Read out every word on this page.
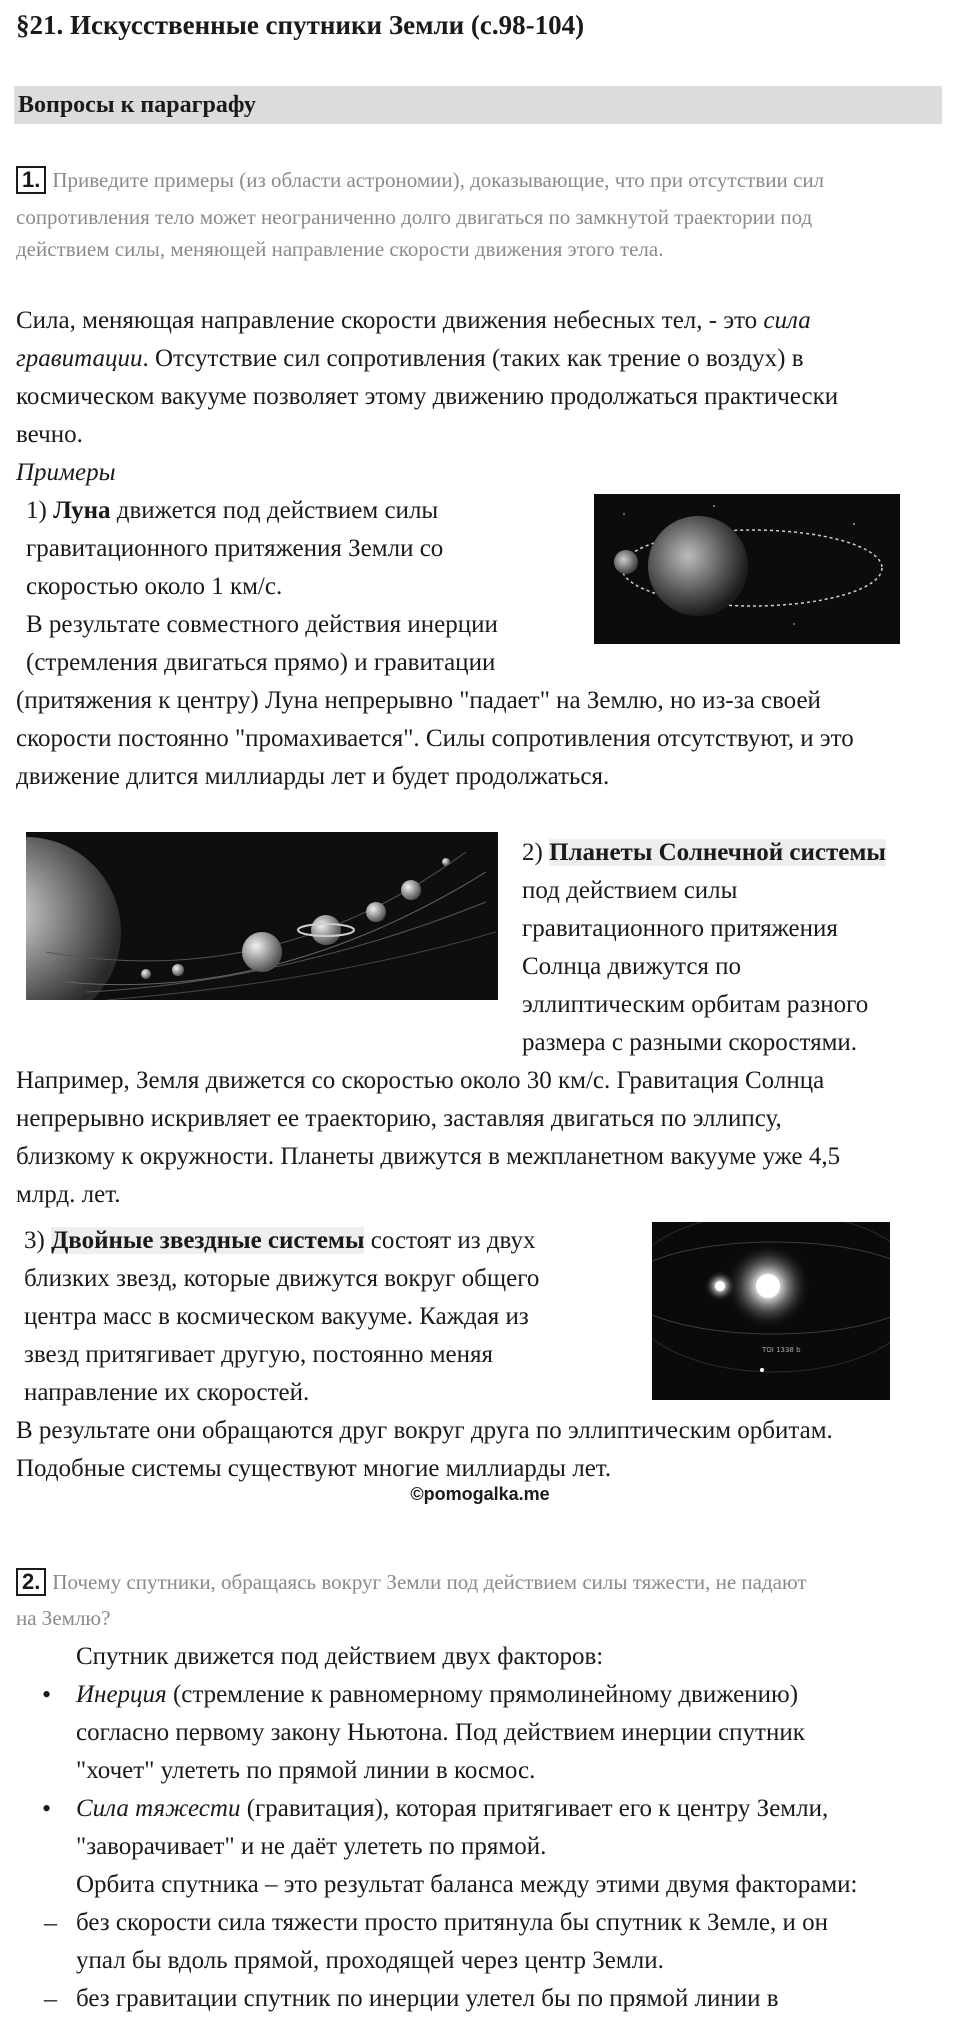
§21. Искусственные спутники Земли (с.98-104)
Вопросы к параграфу
1. Приведите примеры (из области астрономии), доказывающие, что при отсутствии сил
сопротивления тело может неограниченно долго двигаться по замкнутой траектории под
действием силы, меняющей направление скорости движения этого тела.
Сила, меняющая направление скорости движения небесных тел, - это сила
гравитации. Отсутствие сил сопротивления (таких как трение о воздух) в
космическом вакууме позволяет этому движению продолжаться практически
вечно.
Примеры
1) Луна движется под действием силы
гравитационного притяжения Земли со
скоростью около 1 км/с.
В результате совместного действия инерции
(стремления двигаться прямо) и гравитации
(притяжения к центру) Луна непрерывно "падает" на Землю, но из-за своей
скорости постоянно "промахивается". Силы сопротивления отсутствуют, и это
движение длится миллиарды лет и будет продолжаться.
2) Планеты Солнечной системы
под действием силы
гравитационного притяжения
Солнца движутся по
эллиптическим орбитам разного
размера с разными скоростями.
Например, Земля движется со скоростью около 30 км/с. Гравитация Солнца
непрерывно искривляет ее траекторию, заставляя двигаться по эллипсу,
близкому к окружности. Планеты движутся в межпланетном вакууме уже 4,5
млрд. лет.
3) Двойные звездные системы состоят из двух
близких звезд, которые движутся вокруг общего
центра масс в космическом вакууме. Каждая из
звезд притягивает другую, постоянно меняя
направление их скоростей.
В результате они обращаются друг вокруг друга по эллиптическим орбитам.
Подобные системы существуют многие миллиарды лет.
TOI 1338 b
©pomogalka.me
2. Почему спутники, обращаясь вокруг Земли под действием силы тяжести, не падают
на Землю?
Спутник движется под действием двух факторов:
• Инерция (стремление к равномерному прямолинейному движению)
согласно первому закону Ньютона. Под действием инерции спутник
"хочет" улететь по прямой линии в космос.
• Сила тяжести (гравитация), которая притягивает его к центру Земли,
"заворачивает" и не даёт улететь по прямой.
Орбита спутника – это результат баланса между этими двумя факторами:
– без скорости сила тяжести просто притянула бы спутник к Земле, и он
упал бы вдоль прямой, проходящей через центр Земли.
– без гравитации спутник по инерции улетел бы по прямой линии в
